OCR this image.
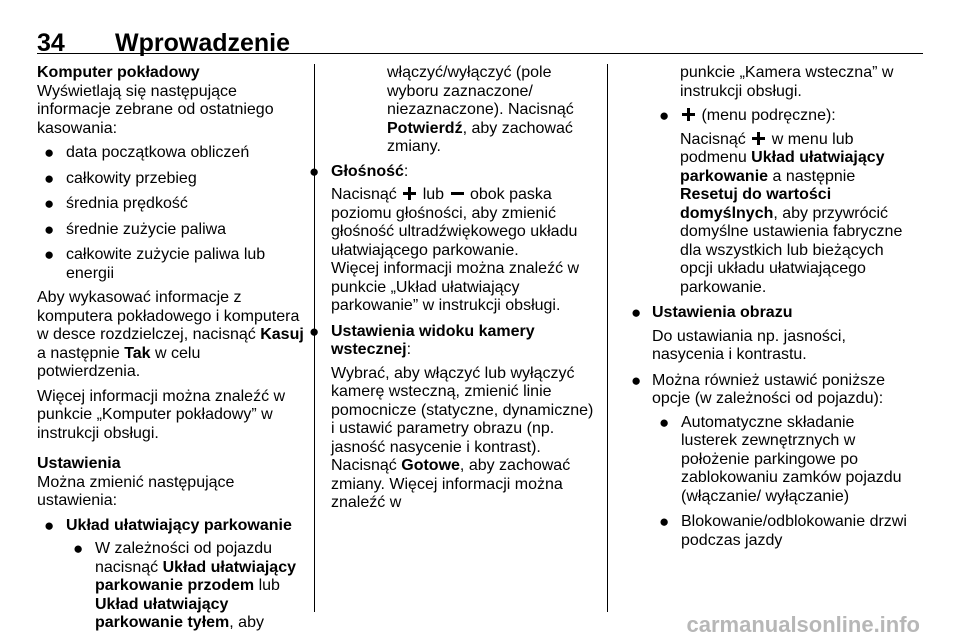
34 Wprowadzenie

Komputer pokładowy

Wyświetlają się następujące informacje zebrane od ostatniego kasowania:

● data początkowa obliczeń
● całkowity przebieg
● średnia prędkość
● średnie zużycie paliwa
● całkowite zużycie paliwa lub energii

Aby wykasować informacje z komputera pokładowego i komputera w desce rozdzielczej, nacisnąć Kasuj a następnie Tak w celu potwierdzenia.

Więcej informacji można znaleźć w punkcie „Komputer pokładowy” w instrukcji obsługi.

Ustawienia

Można zmienić następujące ustawienia:

● Układ ułatwiający parkowanie
● W zależności od pojazdu nacisnąć Układ ułatwiający parkowanie przodem lub Układ ułatwiający parkowanie tyłem, aby

włączyć/wyłączyć (pole wyboru zaznaczone/ niezaznaczone). Nacisnąć Potwierdź, aby zachować zmiany.

● Głośność:

Nacisnąć  lub  obok paska poziomu głośności, aby zmienić głośność ultradźwiękowego układu ułatwiającego parkowanie.

Więcej informacji można znaleźć w punkcie „Układ ułatwiający parkowanie” w instrukcji obsługi.

● Ustawienia widoku kamery wstecznej:

Wybrać, aby włączyć lub wyłączyć kamerę wsteczną, zmienić linie pomocnicze (statyczne, dynamiczne) i ustawić parametry obrazu (np. jasność nasycenie i kontrast).

Nacisnąć Gotowe, aby zachować zmiany. Więcej informacji można znaleźć w

punkcie „Kamera wsteczna” w instrukcji obsługi.

● (menu podręczne):

Nacisnąć  w menu lub podmenu Układ ułatwiający parkowanie a następnie Resetuj do wartości domyślnych, aby przywrócić domyślne ustawienia fabryczne dla wszystkich lub bieżących opcji układu ułatwiającego parkowanie.

● Ustawienia obrazu

Do ustawiania np. jasności, nasycenia i kontrastu.

● Można również ustawić poniższe opcje (w zależności od pojazdu):
● Automatyczne składanie lusterek zewnętrznych w położenie parkingowe po zablokowaniu zamków pojazdu (włączanie/ wyłączanie)
● Blokowanie/odblokowanie drzwi podczas jazdy
carmanualsonline.info
